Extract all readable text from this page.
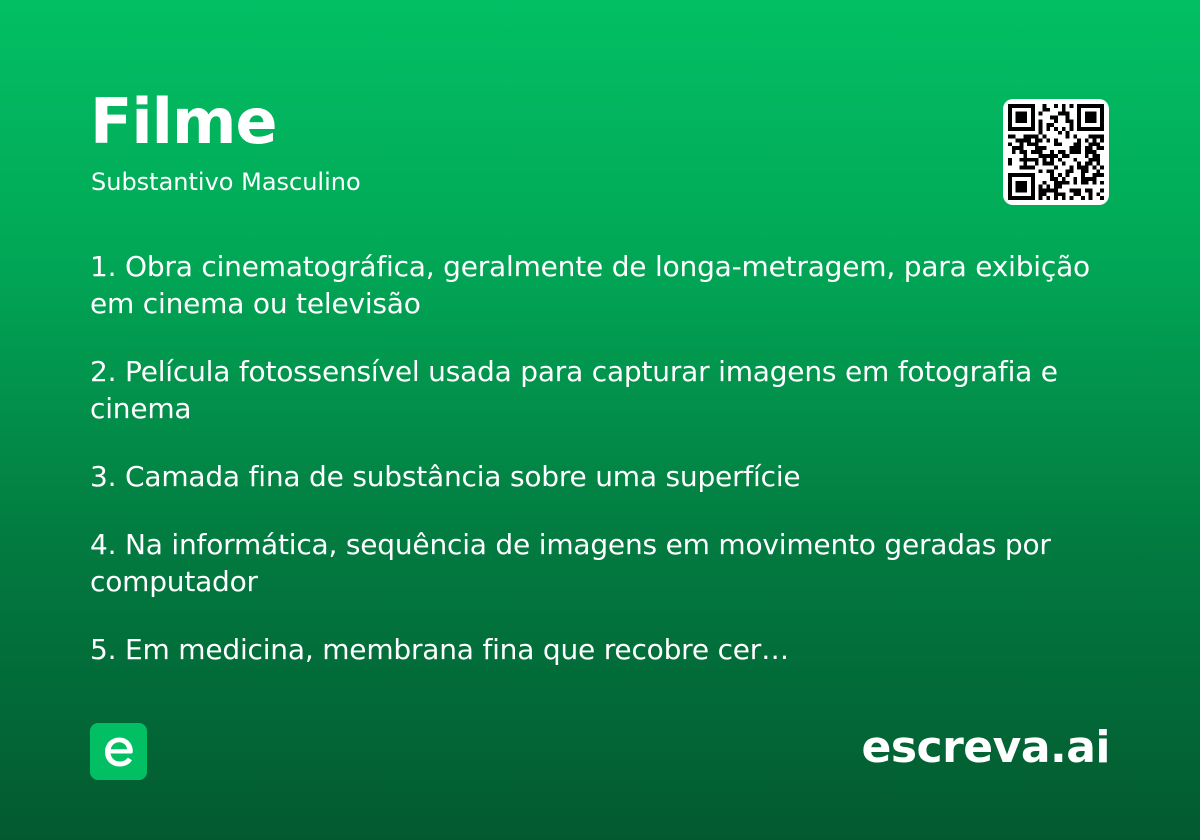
Filme

Substantivo Masculino

1. Obra cinematográfica, geralmente de longa-metragem, para exibição em cinema ou televisão
2. Película fotossensível usada para capturar imagens em fotografia e cinema
3. Camada fina de substância sobre uma superfície
4. Na informática, sequência de imagens em movimento geradas por computador
5. Em medicina, membrana fina que recobre cer…

escreva.ai
